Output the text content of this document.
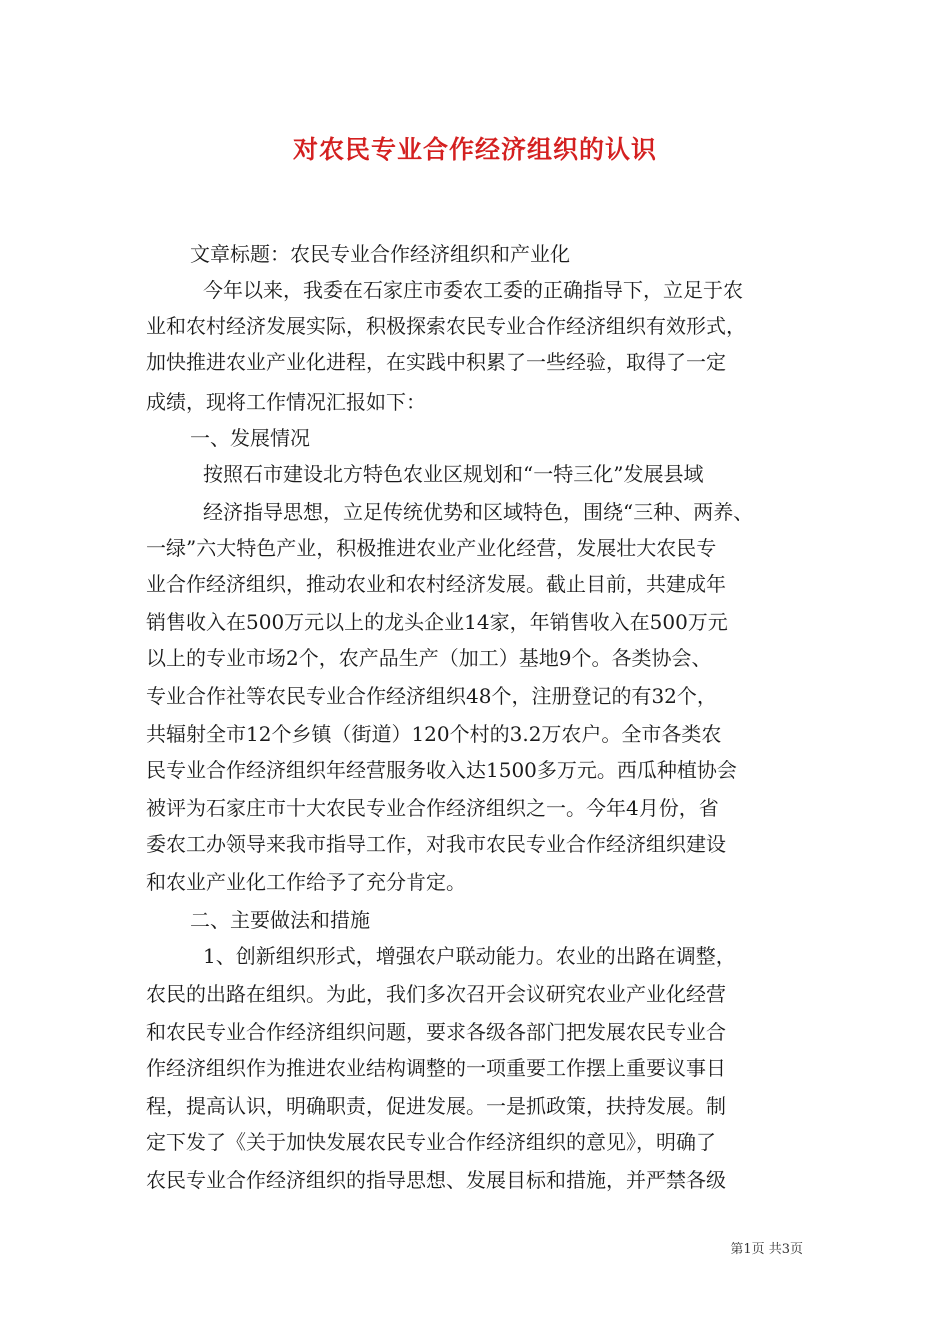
对农民专业合作经济组织的认识
文章标题：农民专业合作经济组织和产业化
今年以来，我委在石家庄市委农工委的正确指导下，立足于农
业和农村经济发展实际，积极探索农民专业合作经济组织有效形式，
加快推进农业产业化进程，在实践中积累了一些经验，取得了一定
成绩，现将工作情况汇报如下：
一、发展情况
按照石市建设北方特色农业区规划和“一特三化”发展县域
经济指导思想，立足传统优势和区域特色，围绕“三种、两养、
一绿”六大特色产业，积极推进农业产业化经营，发展壮大农民专
业合作经济组织，推动农业和农村经济发展。截止目前，共建成年
销售收入在500万元以上的龙头企业14家，年销售收入在500万元
以上的专业市场2个，农产品生产（加工）基地9个。各类协会、
专业合作社等农民专业合作经济组织48个，注册登记的有32个，
共辐射全市12个乡镇（街道）120个村的3.2万农户。全市各类农
民专业合作经济组织年经营服务收入达1500多万元。西瓜种植协会
被评为石家庄市十大农民专业合作经济组织之一。今年4月份，省
委农工办领导来我市指导工作，对我市农民专业合作经济组织建设
和农业产业化工作给予了充分肯定。
二、主要做法和措施
1、创新组织形式，增强农户联动能力。农业的出路在调整，
农民的出路在组织。为此，我们多次召开会议研究农业产业化经营
和农民专业合作经济组织问题，要求各级各部门把发展农民专业合
作经济组织作为推进农业结构调整的一项重要工作摆上重要议事日
程，提高认识，明确职责，促进发展。一是抓政策，扶持发展。制
定下发了《关于加快发展农民专业合作经济组织的意见》，明确了
农民专业合作经济组织的指导思想、发展目标和措施，并严禁各级
第1页 共3页
